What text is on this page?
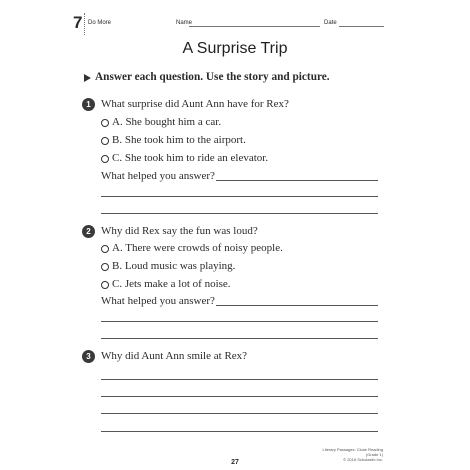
7 Do More	Name	Date
A Surprise Trip
Answer each question. Use the story and picture.
1 What surprise did Aunt Ann have for Rex?
A. She bought him a car.
B. She took him to the airport.
C. She took him to ride an elevator.
What helped you answer?
2 Why did Rex say the fun was loud?
A. There were crowds of noisy people.
B. Loud music was playing.
C. Jets make a lot of noise.
What helped you answer?
3 Why did Aunt Ann smile at Rex?
Literary Passages: Close Reading (Grade 1)
© 2016 Scholastic Inc.
27
